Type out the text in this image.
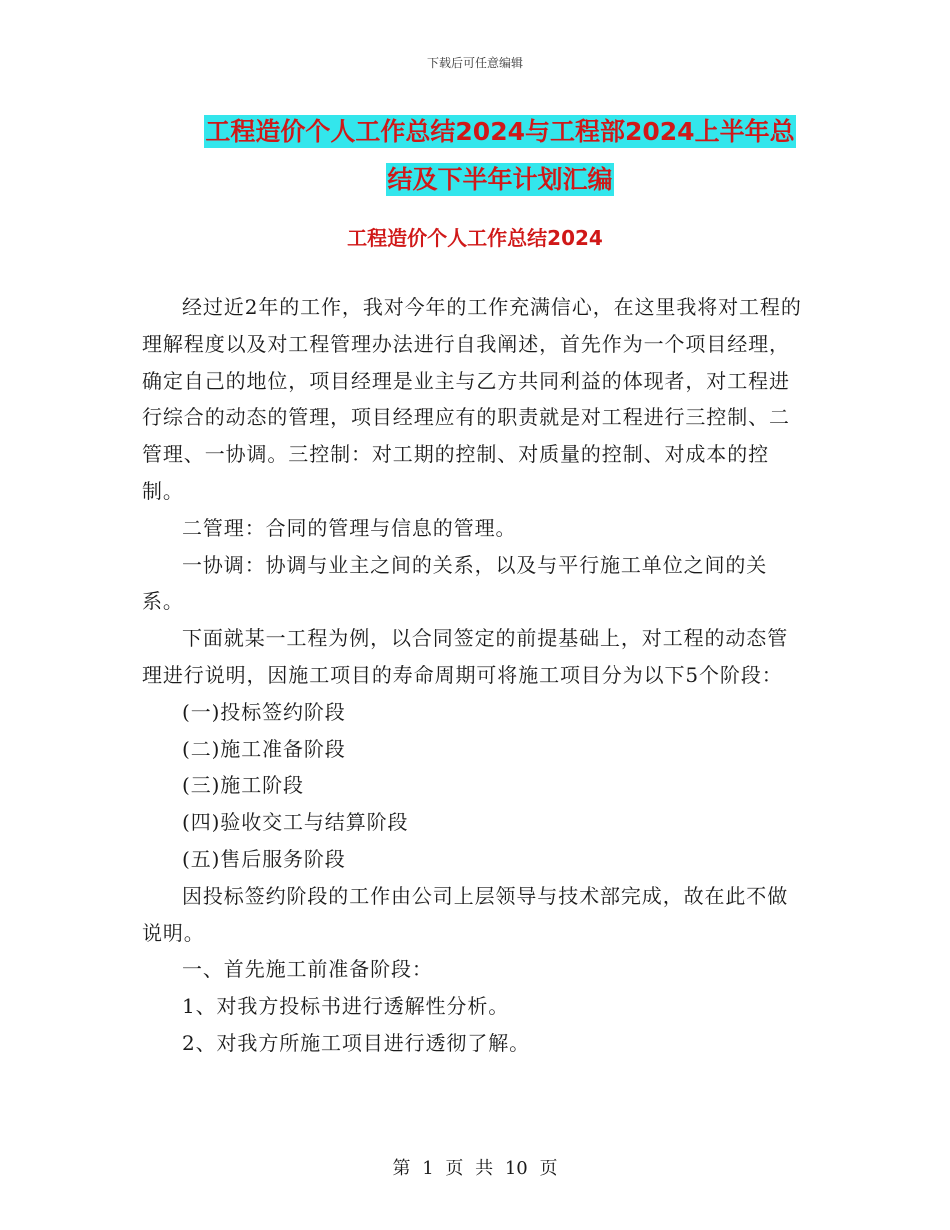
下载后可任意编辑
工程造价个人工作总结2024与工程部2024上半年总
结及下半年计划汇编
工程造价个人工作总结2024

经过近2年的工作，我对今年的工作充满信心，在这里我将对工程的理解程度以及对工程管理办法进行自我阐述，首先作为一个项目经理，确定自己的地位，项目经理是业主与乙方共同利益的体现者，对工程进行综合的动态的管理，项目经理应有的职责就是对工程进行三控制、二管理、一协调。三控制：对工期的控制、对质量的控制、对成本的控制。

二管理：合同的管理与信息的管理。

一协调：协调与业主之间的关系，以及与平行施工单位之间的关系。

下面就某一工程为例，以合同签定的前提基础上，对工程的动态管理进行说明，因施工项目的寿命周期可将施工项目分为以下5个阶段：

(一)投标签约阶段

(二)施工准备阶段

(三)施工阶段

(四)验收交工与结算阶段

(五)售后服务阶段

因投标签约阶段的工作由公司上层领导与技术部完成，故在此不做说明。

一、首先施工前准备阶段：

1、对我方投标书进行透解性分析。

2、对我方所施工项目进行透彻了解。

第 1 页 共 10 页
